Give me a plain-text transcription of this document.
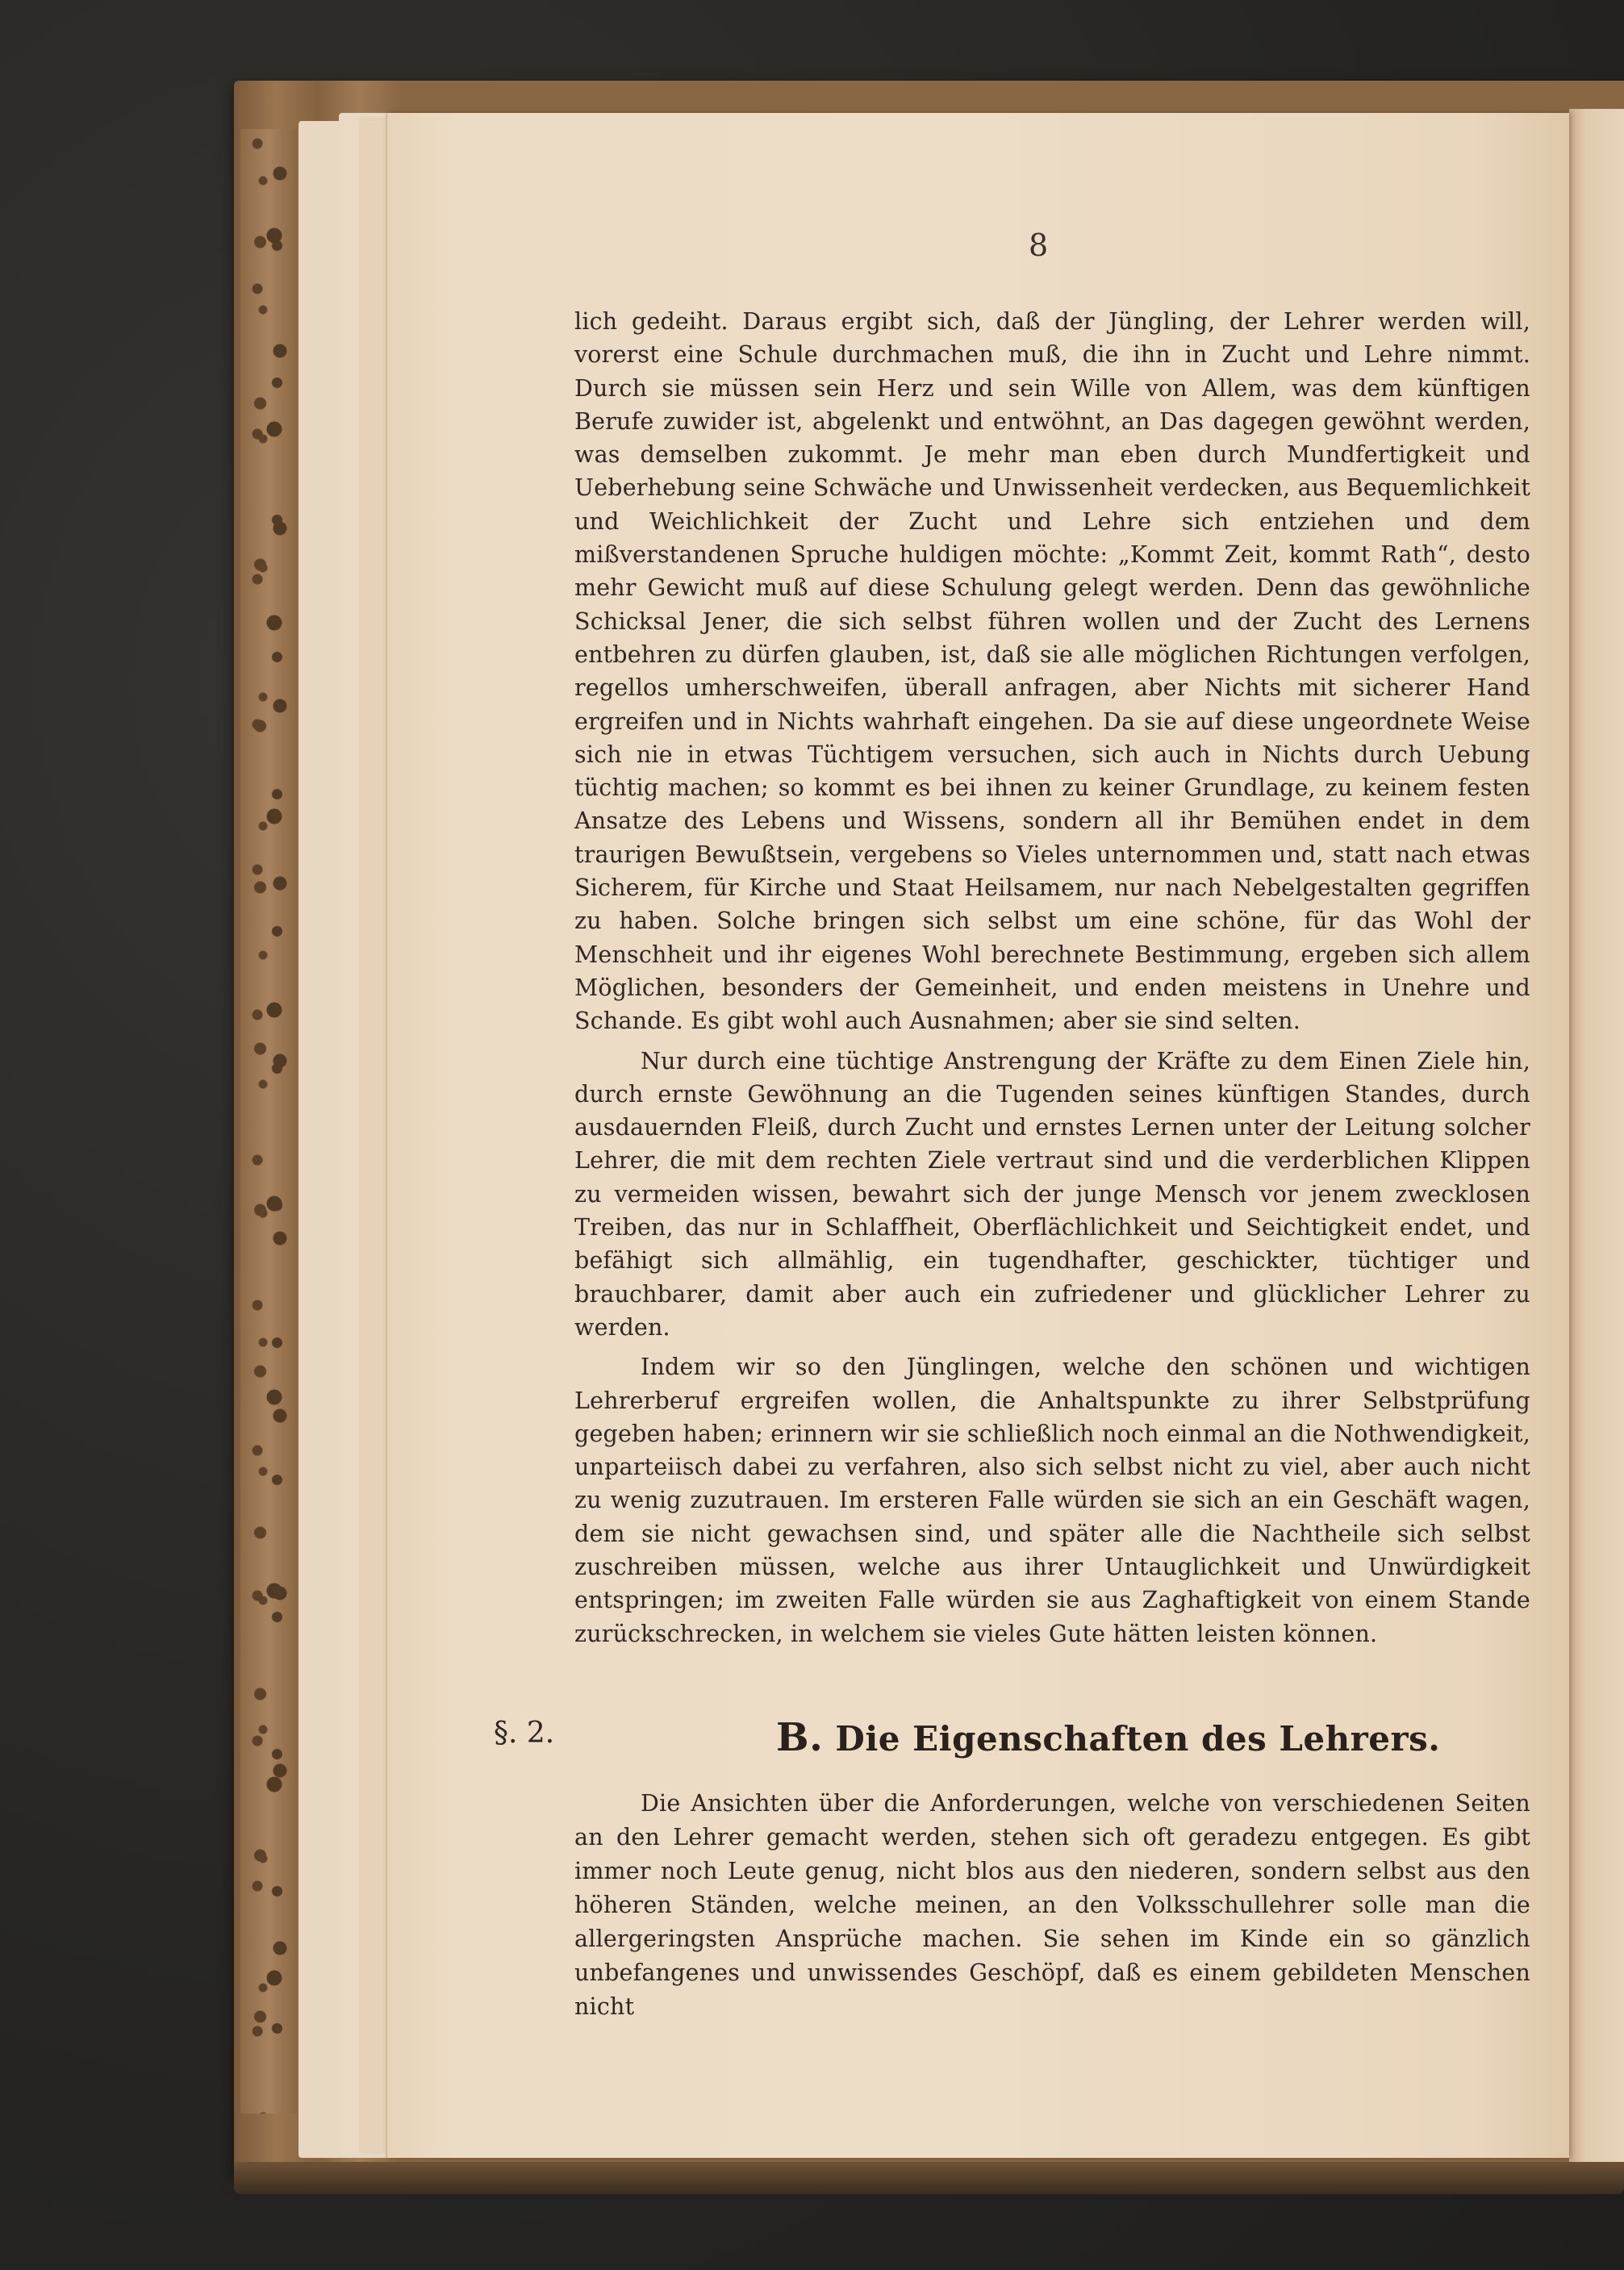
8

lich gedeiht. Daraus ergibt sich, daß der Jüngling, der Lehrer werden will, vorerst eine Schule durchmachen muß, die ihn in Zucht und Lehre nimmt. Durch sie müssen sein Herz und sein Wille von Allem, was dem künftigen Berufe zuwider ist, abgelenkt und entwöhnt, an Das dagegen gewöhnt werden, was demselben zukommt. Je mehr man eben durch Mundfertigkeit und Ueberhebung seine Schwäche und Unwissenheit verdecken, aus Bequemlichkeit und Weichlichkeit der Zucht und Lehre sich entziehen und dem mißverstandenen Spruche huldigen möchte: „Kommt Zeit, kommt Rath“, desto mehr Gewicht muß auf diese Schulung gelegt werden. Denn das gewöhnliche Schicksal Jener, die sich selbst führen wollen und der Zucht des Lernens entbehren zu dürfen glauben, ist, daß sie alle möglichen Richtungen verfolgen, regellos umherschweifen, überall anfragen, aber Nichts mit sicherer Hand ergreifen und in Nichts wahrhaft eingehen. Da sie auf diese ungeordnete Weise sich nie in etwas Tüchtigem versuchen, sich auch in Nichts durch Uebung tüchtig machen; so kommt es bei ihnen zu keiner Grundlage, zu keinem festen Ansatze des Lebens und Wissens, sondern all ihr Bemühen endet in dem traurigen Bewußtsein, vergebens so Vieles unternommen und, statt nach etwas Sicherem, für Kirche und Staat Heilsamem, nur nach Nebelgestalten gegriffen zu haben. Solche bringen sich selbst um eine schöne, für das Wohl der Menschheit und ihr eigenes Wohl berechnete Bestimmung, ergeben sich allem Möglichen, besonders der Gemeinheit, und enden meistens in Unehre und Schande. Es gibt wohl auch Ausnahmen; aber sie sind selten.

Nur durch eine tüchtige Anstrengung der Kräfte zu dem Einen Ziele hin, durch ernste Gewöhnung an die Tugenden seines künftigen Standes, durch ausdauernden Fleiß, durch Zucht und ernstes Lernen unter der Leitung solcher Lehrer, die mit dem rechten Ziele vertraut sind und die verderblichen Klippen zu vermeiden wissen, bewahrt sich der junge Mensch vor jenem zwecklosen Treiben, das nur in Schlaffheit, Oberflächlichkeit und Seichtigkeit endet, und befähigt sich allmählig, ein tugendhafter, geschickter, tüchtiger und brauchbarer, damit aber auch ein zufriedener und glücklicher Lehrer zu werden.

Indem wir so den Jünglingen, welche den schönen und wichtigen Lehrerberuf ergreifen wollen, die Anhaltspunkte zu ihrer Selbstprüfung gegeben haben; erinnern wir sie schließlich noch einmal an die Nothwendigkeit, unparteiisch dabei zu verfahren, also sich selbst nicht zu viel, aber auch nicht zu wenig zuzutrauen. Im ersteren Falle würden sie sich an ein Geschäft wagen, dem sie nicht gewachsen sind, und später alle die Nachtheile sich selbst zuschreiben müssen, welche aus ihrer Untauglichkeit und Unwürdigkeit entspringen; im zweiten Falle würden sie aus Zaghaftigkeit von einem Stande zurückschrecken, in welchem sie vieles Gute hätten leisten können.

§. 2.	B. Die Eigenschaften des Lehrers.
Die Ansichten über die Anforderungen, welche von verschiedenen Seiten an den Lehrer gemacht werden, stehen sich oft geradezu entgegen. Es gibt immer noch Leute genug, nicht blos aus den niederen, sondern selbst aus den höheren Ständen, welche meinen, an den Volksschullehrer solle man die allergeringsten Ansprüche machen. Sie sehen im Kinde ein so gänzlich unbefangenes und unwissendes Geschöpf, daß es einem gebildeten Menschen nicht
